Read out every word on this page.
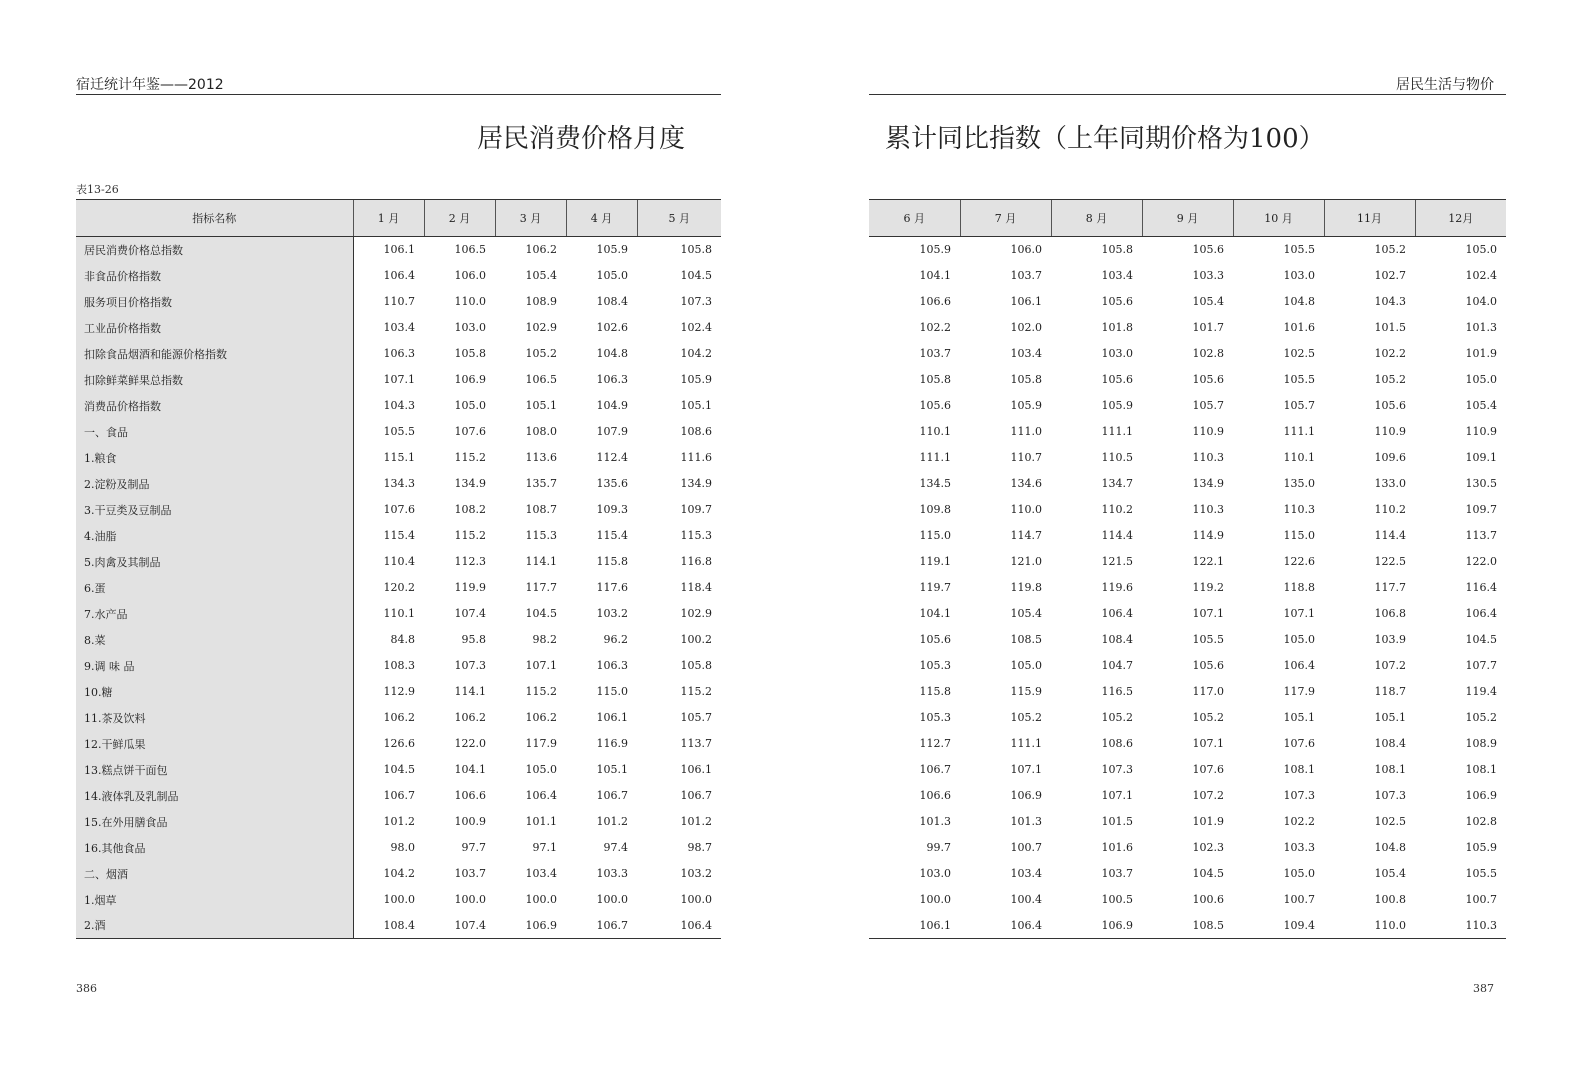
宿迁统计年鉴——2012
居民消费价格月度
表13-26
指标名称	1 月	2 月	3 月	4 月	5 月
居民消费价格总指数	106.1	106.5	106.2	105.9	105.8
非食品价格指数	106.4	106.0	105.4	105.0	104.5
服务项目价格指数	110.7	110.0	108.9	108.4	107.3
工业品价格指数	103.4	103.0	102.9	102.6	102.4
扣除食品烟酒和能源价格指数	106.3	105.8	105.2	104.8	104.2
扣除鲜菜鲜果总指数	107.1	106.9	106.5	106.3	105.9
消费品价格指数	104.3	105.0	105.1	104.9	105.1
一、食品	105.5	107.6	108.0	107.9	108.6
1.粮食	115.1	115.2	113.6	112.4	111.6
2.淀粉及制品	134.3	134.9	135.7	135.6	134.9
3.干豆类及豆制品	107.6	108.2	108.7	109.3	109.7
4.油脂	115.4	115.2	115.3	115.4	115.3
5.肉禽及其制品	110.4	112.3	114.1	115.8	116.8
6.蛋	120.2	119.9	117.7	117.6	118.4
7.水产品	110.1	107.4	104.5	103.2	102.9
8.菜	84.8	95.8	98.2	96.2	100.2
9.调 味 品	108.3	107.3	107.1	106.3	105.8
10.糖	112.9	114.1	115.2	115.0	115.2
11.茶及饮料	106.2	106.2	106.2	106.1	105.7
12.干鲜瓜果	126.6	122.0	117.9	116.9	113.7
13.糕点饼干面包	104.5	104.1	105.0	105.1	106.1
14.液体乳及乳制品	106.7	106.6	106.4	106.7	106.7
15.在外用膳食品	101.2	100.9	101.1	101.2	101.2
16.其他食品	98.0	97.7	97.1	97.4	98.7
二、烟酒	104.2	103.7	103.4	103.3	103.2
1.烟草	100.0	100.0	100.0	100.0	100.0
2.酒	108.4	107.4	106.9	106.7	106.4
386
居民生活与物价
累计同比指数（上年同期价格为100）
6 月	7 月	8 月	9 月	10 月	11月	12月
105.9	106.0	105.8	105.6	105.5	105.2	105.0
104.1	103.7	103.4	103.3	103.0	102.7	102.4
106.6	106.1	105.6	105.4	104.8	104.3	104.0
102.2	102.0	101.8	101.7	101.6	101.5	101.3
103.7	103.4	103.0	102.8	102.5	102.2	101.9
105.8	105.8	105.6	105.6	105.5	105.2	105.0
105.6	105.9	105.9	105.7	105.7	105.6	105.4
110.1	111.0	111.1	110.9	111.1	110.9	110.9
111.1	110.7	110.5	110.3	110.1	109.6	109.1
134.5	134.6	134.7	134.9	135.0	133.0	130.5
109.8	110.0	110.2	110.3	110.3	110.2	109.7
115.0	114.7	114.4	114.9	115.0	114.4	113.7
119.1	121.0	121.5	122.1	122.6	122.5	122.0
119.7	119.8	119.6	119.2	118.8	117.7	116.4
104.1	105.4	106.4	107.1	107.1	106.8	106.4
105.6	108.5	108.4	105.5	105.0	103.9	104.5
105.3	105.0	104.7	105.6	106.4	107.2	107.7
115.8	115.9	116.5	117.0	117.9	118.7	119.4
105.3	105.2	105.2	105.2	105.1	105.1	105.2
112.7	111.1	108.6	107.1	107.6	108.4	108.9
106.7	107.1	107.3	107.6	108.1	108.1	108.1
106.6	106.9	107.1	107.2	107.3	107.3	106.9
101.3	101.3	101.5	101.9	102.2	102.5	102.8
99.7	100.7	101.6	102.3	103.3	104.8	105.9
103.0	103.4	103.7	104.5	105.0	105.4	105.5
100.0	100.4	100.5	100.6	100.7	100.8	100.7
106.1	106.4	106.9	108.5	109.4	110.0	110.3
387
